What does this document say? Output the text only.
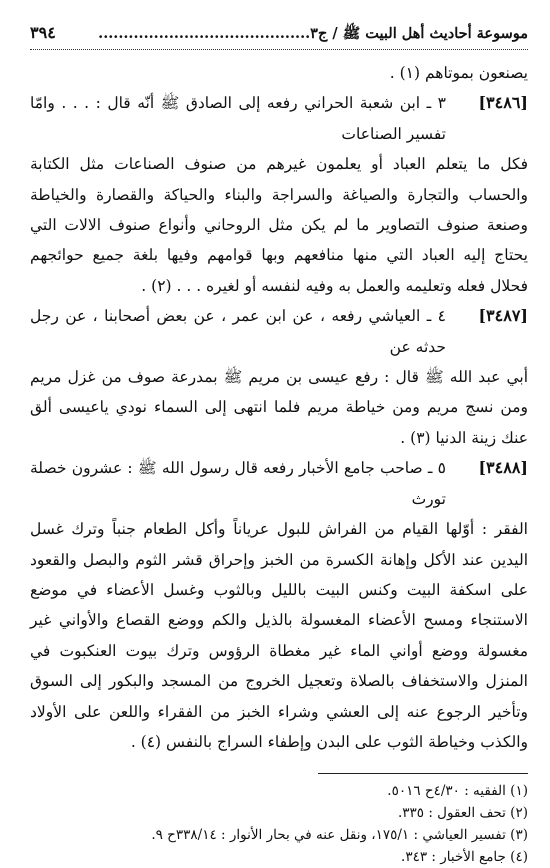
موسوعة أحاديث أهل البيت ﷺ / ج٣..........................................
٣٩٤

يصنعون بموتاهم (١) .

[٣٤٨٦]
٣ ـ ابن شعبة الحراني رفعه إلى الصادق ﷺ أنّه قال : . . . وامّا تفسير الصناعات

فكل ما يتعلم العباد أو يعلمون غيرهم من صنوف الصناعات مثل الكتابة والحساب والتجارة والصياغة والسراجة والبناء والحياكة والقصارة والخياطة وصنعة صنوف التصاوير ما لم يكن مثل الروحاني وأنواع صنوف الالات التي يحتاج إليه العباد التي منها منافعهم وبها قوامهم وفيها بلغة جميع حوائجهم فحلال فعله وتعليمه والعمل به وفيه لنفسه أو لغيره . . . (٢) .

[٣٤٨٧]
٤ ـ العياشي رفعه ، عن ابن عمر ، عن بعض أصحابنا ، عن رجل حدثه عن

أبي عبد الله ﷺ قال : رفع عيسى بن مريم ﷺ بمدرعة صوف من غزل مريم ومن نسج مريم ومن خياطة مريم فلما انتهى إلى السماء نودي ياعيسى ألق عنك زينة الدنيا (٣) .

[٣٤٨٨]
٥ ـ صاحب جامع الأخبار رفعه قال رسول الله ﷺ : عشرون خصلة تورث

الفقر : أوّلها القيام من الفراش للبول عرياناً وأكل الطعام جنباً وترك غسل اليدين عند الأكل وإهانة الكسرة من الخبز وإحراق قشر الثوم والبصل والقعود على اسكفة البيت وكنس البيت بالليل وبالثوب وغسل الأعضاء في موضع الاستنجاء ومسح الأعضاء المغسولة بالذيل والكم ووضع القصاع والأواني غير مغسولة ووضع أواني الماء غير مغطاة الرؤوس وترك بيوت العنكبوت في المنزل والاستخفاف بالصلاة وتعجيل الخروج من المسجد والبكور إلى السوق وتأخير الرجوع عنه إلى العشي وشراء الخبز من الفقراء واللعن على الأولاد والكذب وخياطة الثوب على البدن وإطفاء السراج بالنفس (٤) .

(١) الفقيه : ٤/٣٠ح ٥٠١٦.

(٢) تحف العقول : ٣٣٥.

(٣) تفسير العياشي : ١٧٥/١، ونقل عنه في بحار الأنوار : ٣٣٨/١٤ح ٩.

(٤) جامع الأخبار : ٣٤٣.
